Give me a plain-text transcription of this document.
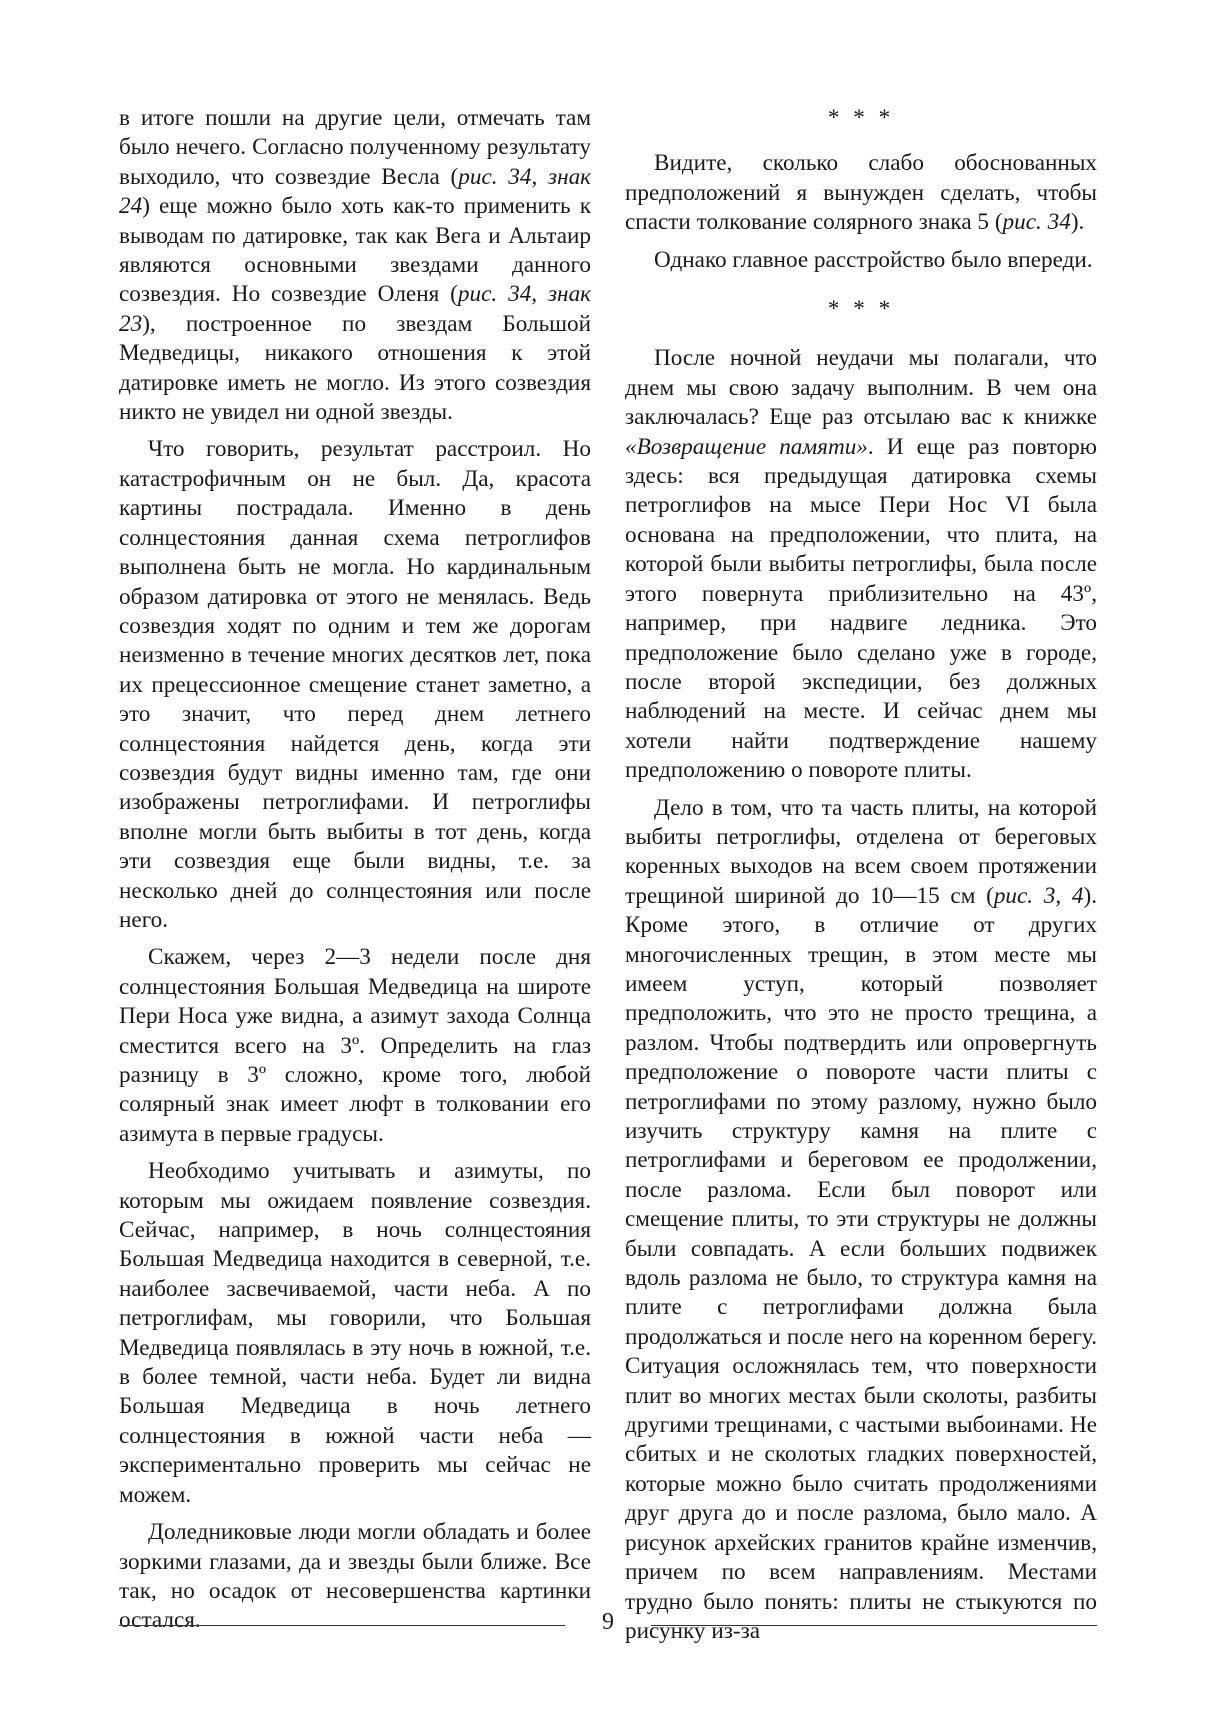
в итоге пошли на другие цели, отмечать там было нечего. Согласно полученному результату выходило, что созвездие Весла (рис. 34, знак 24) еще можно было хоть как-то применить к выводам по датировке, так как Вега и Альтаир являются основными звездами данного созвездия. Но созвездие Оленя (рис. 34, знак 23), построенное по звездам Большой Медведицы, никакого отношения к этой датировке иметь не могло. Из этого созвездия никто не увидел ни одной звезды.

Что говорить, результат расстроил. Но катастрофичным он не был. Да, красота картины пострадала. Именно в день солнцестояния данная схема петроглифов выполнена быть не могла. Но кардинальным образом датировка от этого не менялась. Ведь созвездия ходят по одним и тем же дорогам неизменно в течение многих десятков лет, пока их прецессионное смещение станет заметно, а это значит, что перед днем летнего солнцестояния найдется день, когда эти созвездия будут видны именно там, где они изображены петроглифами. И петроглифы вполне могли быть выбиты в тот день, когда эти созвездия еще были видны, т.е. за несколько дней до солнцестояния или после него.

Скажем, через 2—3 недели после дня солнцестояния Большая Медведица на широте Пери Носа уже видна, а азимут захода Солнца сместится всего на 3º. Определить на глаз разницу в 3º сложно, кроме того, любой солярный знак имеет люфт в толковании его азимута в первые градусы.

Необходимо учитывать и азимуты, по которым мы ожидаем появление созвездия. Сейчас, например, в ночь солнцестояния Большая Медведица находится в северной, т.е. наиболее засвечиваемой, части неба. А по петроглифам, мы говорили, что Большая Медведица появлялась в эту ночь в южной, т.е. в более темной, части неба. Будет ли видна Большая Медведица в ночь летнего солнцестояния в южной части неба — экспериментально проверить мы сейчас не можем.

Доледниковые люди могли обладать и более зоркими глазами, да и звезды были ближе. Все так, но осадок от несовершенства картинки остался.

* * *

Видите, сколько слабо обоснованных предположений я вынужден сделать, чтобы спасти толкование солярного знака 5 (рис. 34).

Однако главное расстройство было впереди.

* * *

После ночной неудачи мы полагали, что днем мы свою задачу выполним. В чем она заключалась? Еще раз отсылаю вас к книжке «Возвращение памяти». И еще раз повторю здесь: вся предыдущая датировка схемы петроглифов на мысе Пери Нос VI была основана на предположении, что плита, на которой были выбиты петроглифы, была после этого повернута приблизительно на 43º, например, при надвиге ледника. Это предположение было сделано уже в городе, после второй экспедиции, без должных наблюдений на месте. И сейчас днем мы хотели найти подтверждение нашему предположению о повороте плиты.

Дело в том, что та часть плиты, на которой выбиты петроглифы, отделена от береговых коренных выходов на всем своем протяжении трещиной шириной до 10—15 см (рис. 3, 4). Кроме этого, в отличие от других многочисленных трещин, в этом месте мы имеем уступ, который позволяет предположить, что это не просто трещина, а разлом. Чтобы подтвердить или опровергнуть предположение о повороте части плиты с петроглифами по этому разлому, нужно было изучить структуру камня на плите с петроглифами и береговом ее продолжении, после разлома. Если был поворот или смещение плиты, то эти структуры не должны были совпадать. А если больших подвижек вдоль разлома не было, то структура камня на плите с петроглифами должна была продолжаться и после него на коренном берегу. Ситуация осложнялась тем, что поверхности плит во многих местах были сколоты, разбиты другими трещинами, с частыми выбоинами. Не сбитых и не сколотых гладких поверхностей, которые можно было считать продолжениями друг друга до и после разлома, было мало. А рисунок архейских гранитов крайне изменчив, причем по всем направлениям. Местами трудно было понять: плиты не стыкуются по рисунку из-за

9
